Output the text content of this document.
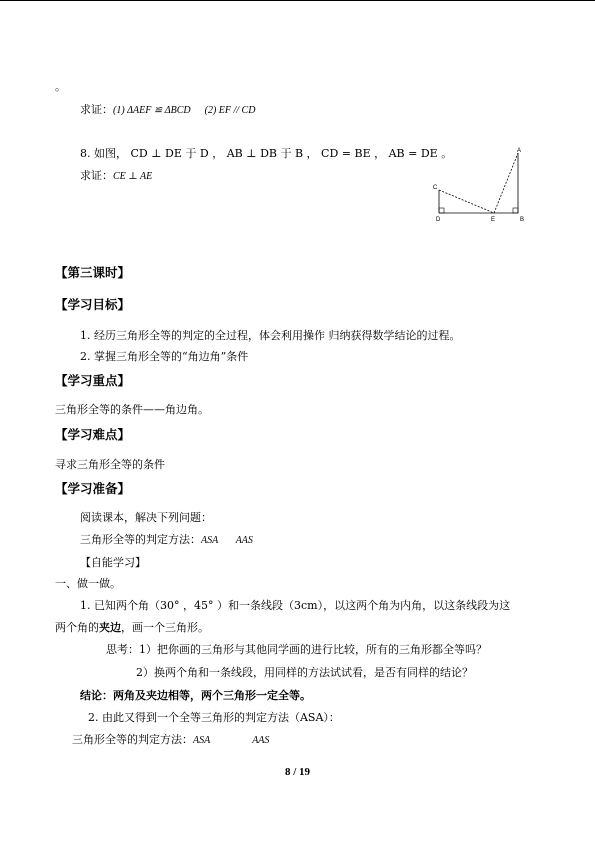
。
求证：(1) ΔAEF ≌ ΔBCD (2) EF // CD
8. 如图， CD ⊥ DE 于 D ， AB ⊥ DB 于 B ， CD = BE ， AB = DE 。
求证：CE ⊥ AE
A
C
D	E	B
【第三课时】
【学习目标】
1. 经历三角形全等的判定的全过程，体会利用操作 归纳获得数学结论的过程。
2. 掌握三角形全等的“角边角”条件
【学习重点】
三角形全等的条件——角边角。
【学习难点】
寻求三角形全等的条件
【学习准备】
阅读课本，解决下列问题：
三角形全等的判定方法：ASA AAS
【自能学习】
一、做一做。
1. 已知两个角（30° ，45° ）和一条线段（3cm），以这两个角为内角，以这条线段为这
两个角的夹边，画一个三角形。
思考：1）把你画的三角形与其他同学画的进行比较，所有的三角形都全等吗？
2）换两个角和一条线段，用同样的方法试试看，是否有同样的结论？
结论：两角及夹边相等，两个三角形一定全等。
2. 由此又得到一个全等三角形的判定方法（ASA）：
三角形全等的判定方法：ASA	AAS
8 / 19
